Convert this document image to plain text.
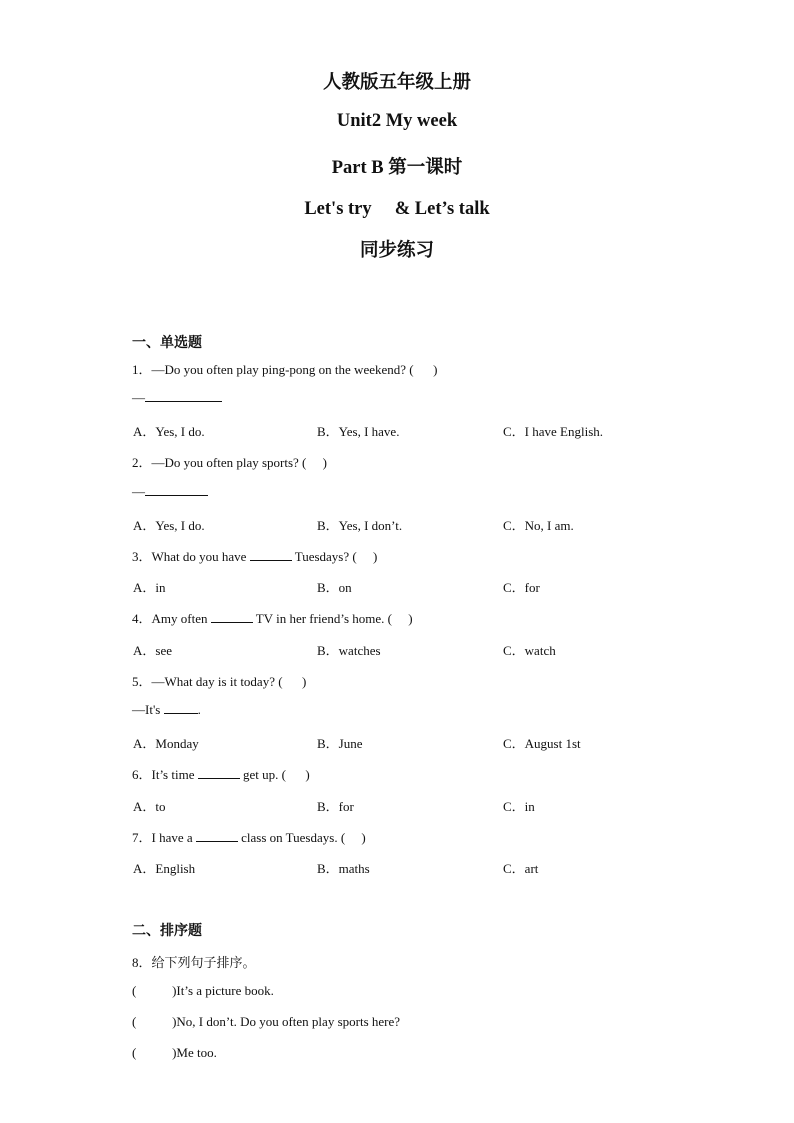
人教版五年级上册
Unit2 My week
Part B 第一课时
Let's try 　& Let’s talk
同步练习
一、单选题
1．—Do you often play ping-pong on the weekend? (      )
—
A．Yes, I do.	B．Yes, I have.	C．I have English.
2．—Do you often play sports? (     )
—
A．Yes, I do.	B．Yes, I don’t.	C．No, I am.
3．What do you have	Tuesdays? (     )
A．in	B．on	C．for
4．Amy often	TV in her friend’s home. (     )
A．see	B．watches	C．watch
5．—What day is it today? (      )
—It's	.
A．Monday	B．June	C．August 1st
6．It’s time	get up. (      )
A．to	B．for	C．in
7．I have a	class on Tuesdays. (     )
A．English	B．maths	C．art
二、排序题
8．给下列句子排序。
(           )It’s a picture book.
(           )No, I don’t. Do you often play sports here?
(           )Me too.
